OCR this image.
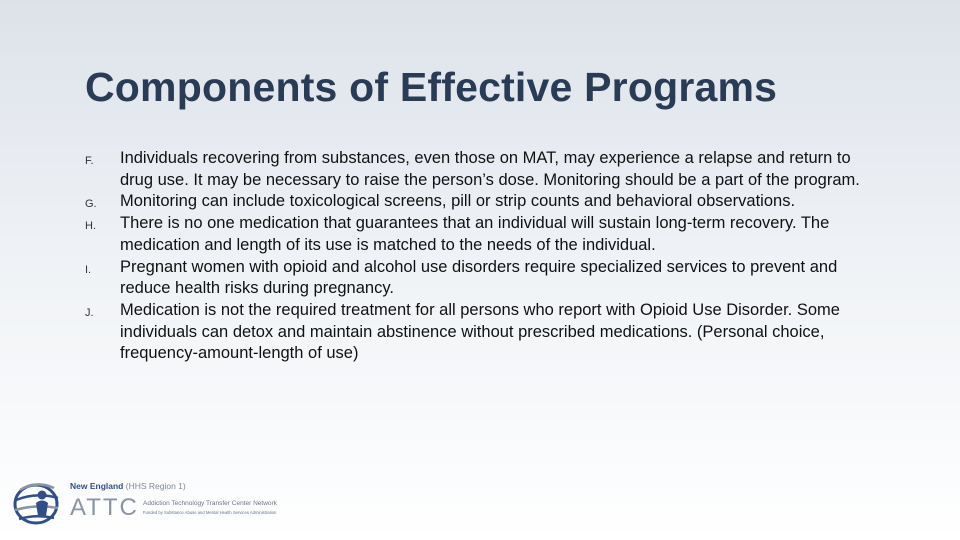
Components of Effective Programs
F. Individuals recovering from substances, even those on MAT, may experience a relapse and return to drug use. It may be necessary to raise the person’s dose. Monitoring should be a part of the program.
G. Monitoring can include toxicological screens, pill or strip counts and behavioral observations.
H. There is no one medication that guarantees that an individual will sustain long-term recovery. The medication and length of its use is matched to the needs of the individual.
I. Pregnant women with opioid and alcohol use disorders require specialized services to prevent and reduce health risks during pregnancy.
J. Medication is not the required treatment for all persons who report with Opioid Use Disorder. Some individuals can detox and maintain abstinence without prescribed medications. (Personal choice, frequency-amount-length of use)
New England (HHS Region 1)
ATTC Addiction Technology Transfer Center Network
Funded by Substance Abuse and Mental Health Services Administration
